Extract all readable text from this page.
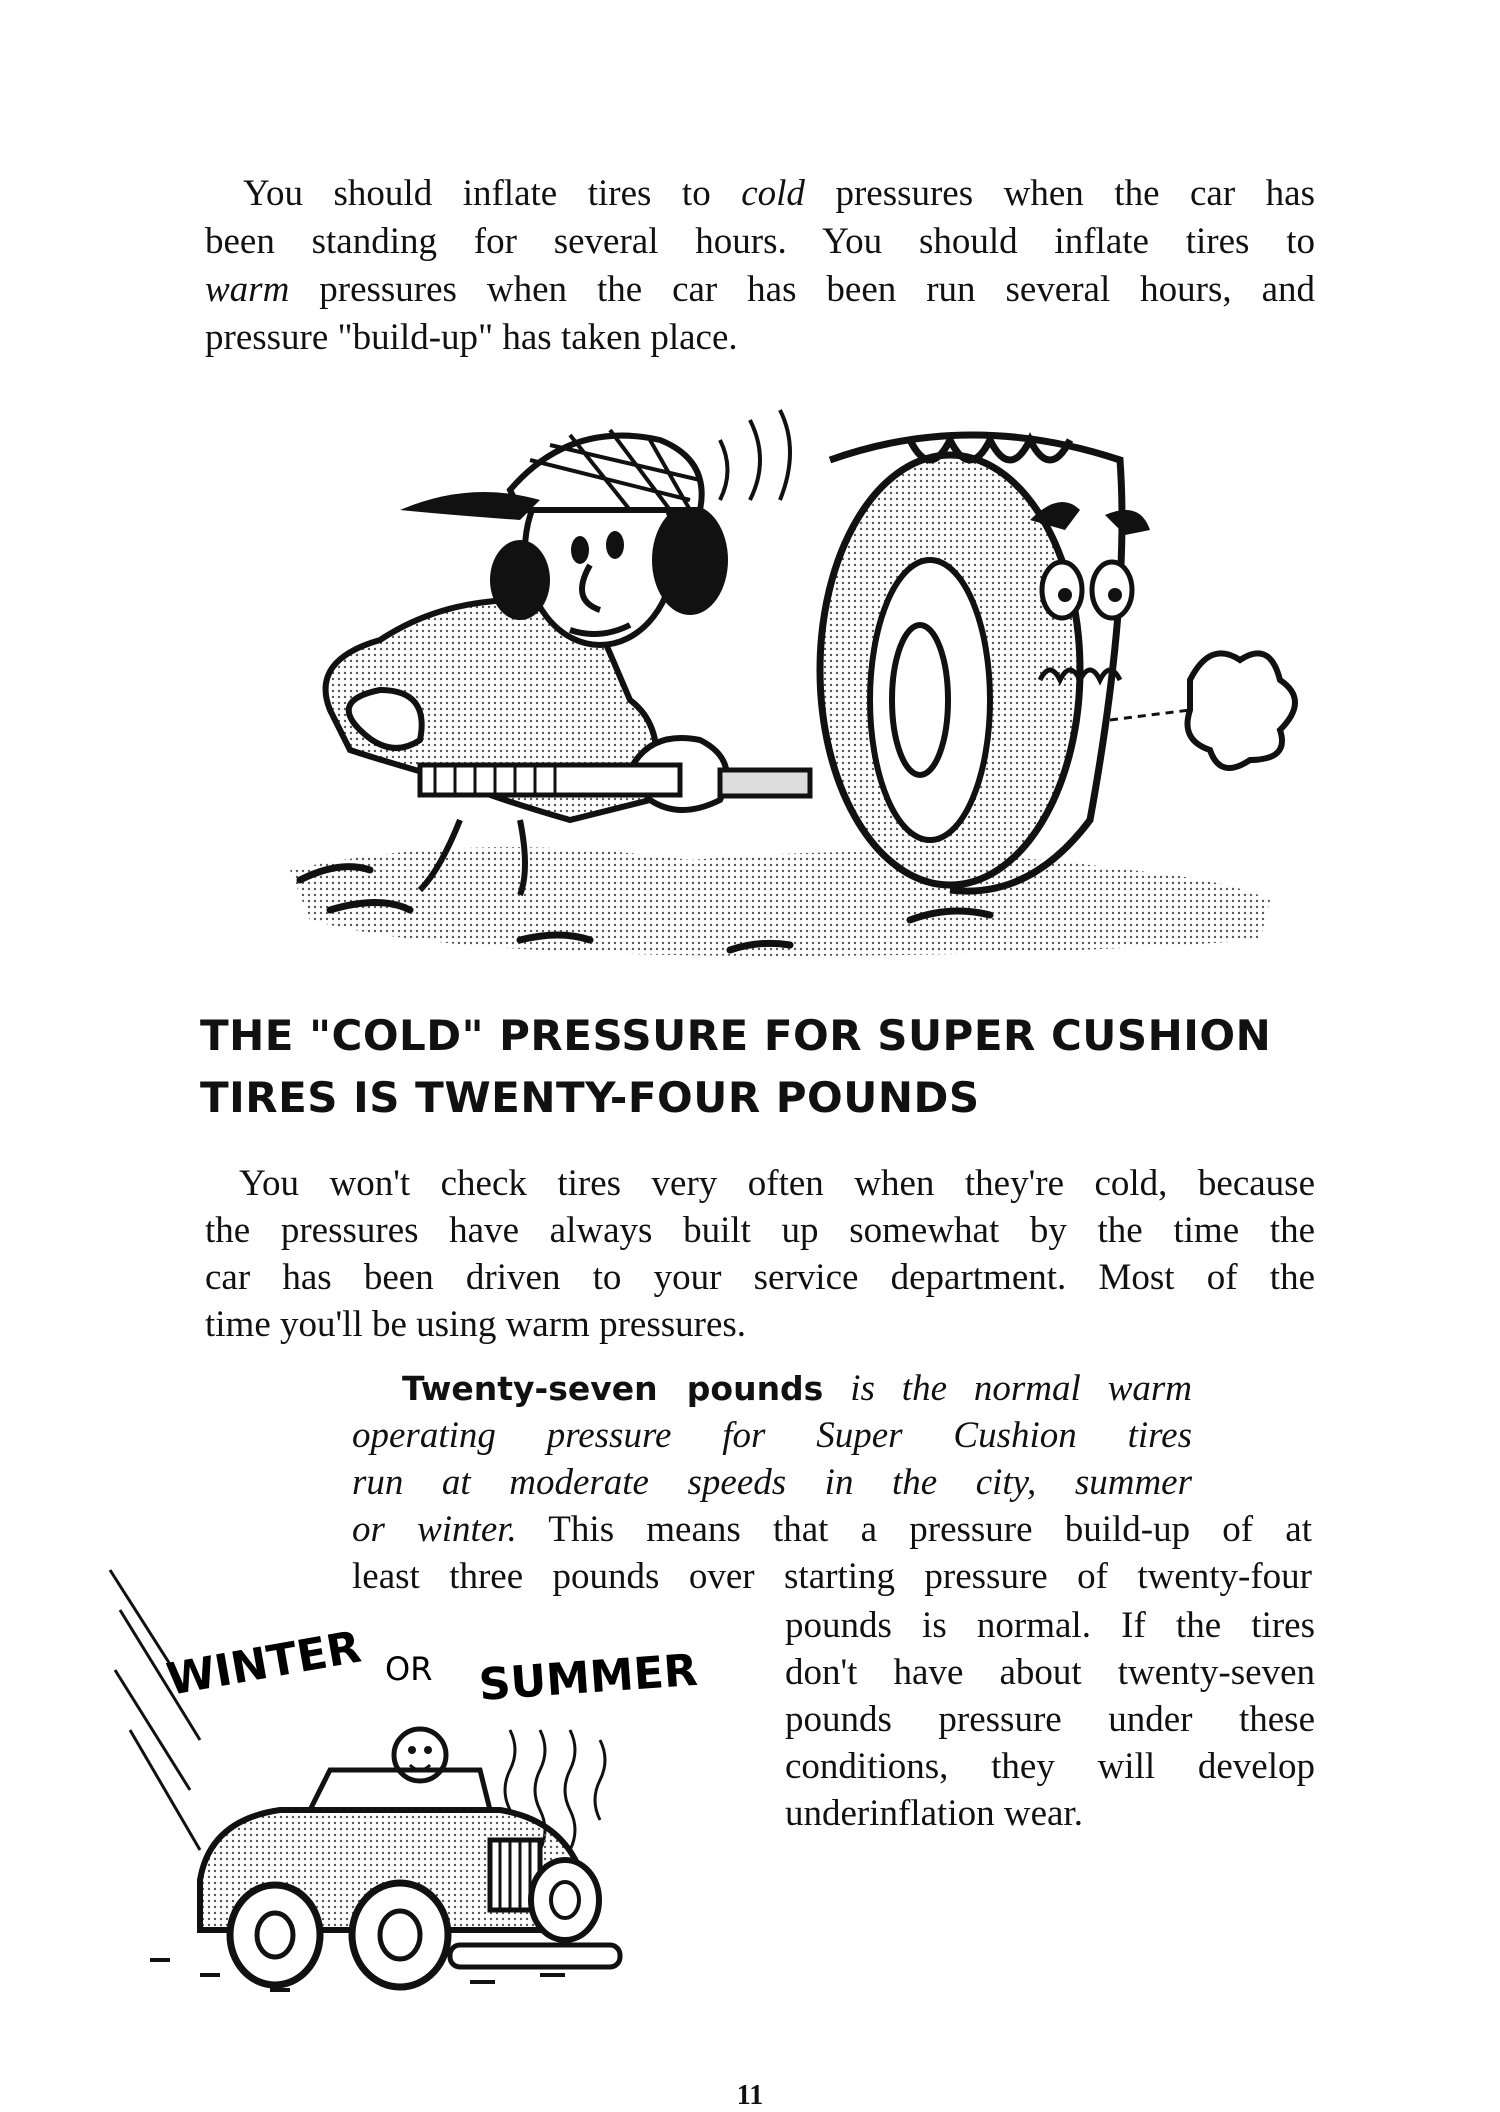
You should inflate tires to cold pressures when the car has
been standing for several hours. You should inflate tires to
warm pressures when the car has been run several hours, and
pressure "build-up" has taken place.
THE "COLD" PRESSURE FOR SUPER CUSHION
TIRES IS TWENTY-FOUR POUNDS
You won't check tires very often when they're cold, because
the pressures have always built up somewhat by the time the
car has been driven to your service department. Most of the
time you'll be using warm pressures.
Twenty-seven pounds is the normal warm
operating pressure for Super Cushion tires
run at moderate speeds in the city, summer
or winter. This means that a pressure build-up of at
least three pounds over starting pressure of twenty-four
pounds is normal. If the tires
don't have about twenty-seven
pounds pressure under these
conditions, they will develop
underinflation wear.
WINTER OR SUMMER
11
